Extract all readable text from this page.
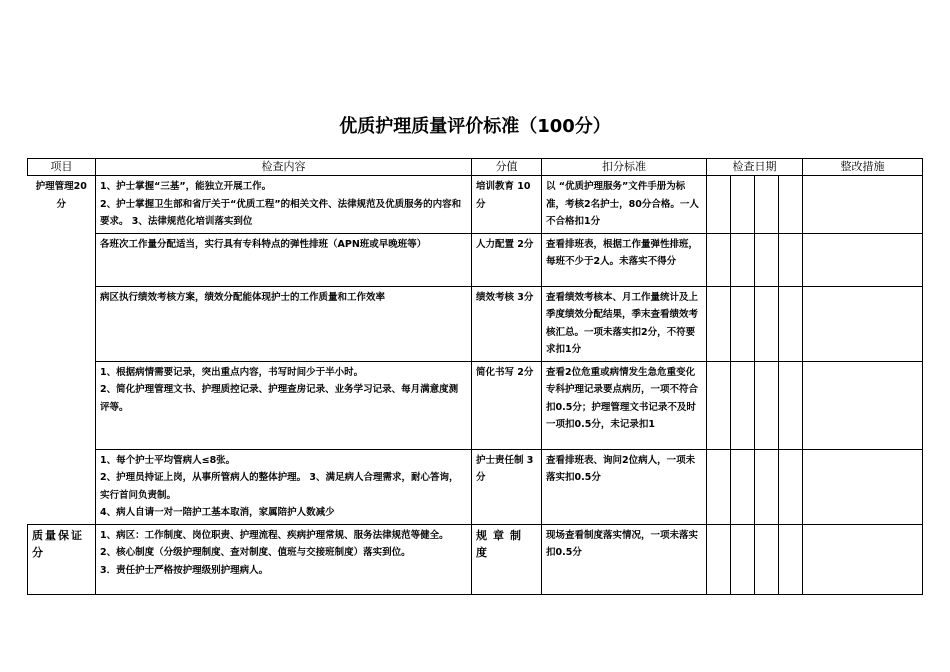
优质护理质量评价标准（100分）
项目	检查内容	分值	扣分标准	检查日期				整改措施
护理管理20分	1、护士掌握“三基”，能独立开展工作。
2、护士掌握卫生部和省厅关于“优质工程”的相关文件、法律规范及优质服务的内容和要求。 3、法律规范化培训落实到位	培训教育 10分	以 “优质护理服务”文件手册为标准，考核2名护士，80分合格。一人不合格扣1分					

	各班次工作量分配适当，实行具有专科特点的弹性排班（APN班或早晚班等）	人力配置 2分	查看排班表，根据工作量弹性排班，每班不少于2人。未落实不得分					

	病区执行绩效考核方案，绩效分配能体现护士的工作质量和工作效率	绩效考核 3分	查看绩效考核本、月工作量统计及上季度绩效分配结果，季末查看绩效考核汇总。一项未落实扣2分，不符要求扣1分					

	1、根据病情需要记录，突出重点内容，书写时间少于半小时。
2、简化护理管理文书、护理质控记录、护理查房记录、业务学习记录、每月满意度测评等。	简化书写 2分	查看2位危重或病情发生急危重变化专科护理记录要点病历，一项不符合扣0.5分；护理管理文书记录不及时一项扣0.5分，未记录扣1					

	1、每个护士平均管病人≤8张。
2、护理员持证上岗，从事所管病人的整体护理。 3、满足病人合理需求，耐心答询，实行首问负责制。
4、病人自请一对一陪护工基本取消，家属陪护人数减少	护士责任制 3分	查看排班表、询问2位病人，一项未落实扣0.5分					
质量保证分	1、病区：工作制度、岗位职责、护理流程、疾病护理常规、服务法律规范等健全。
2、核心制度（分级护理制度、查对制度、值班与交接班制度）落实到位。
3．责任护士严格按护理级别护理病人。	规章制度	现场查看制度落实情况，一项未落实扣0.5分					
